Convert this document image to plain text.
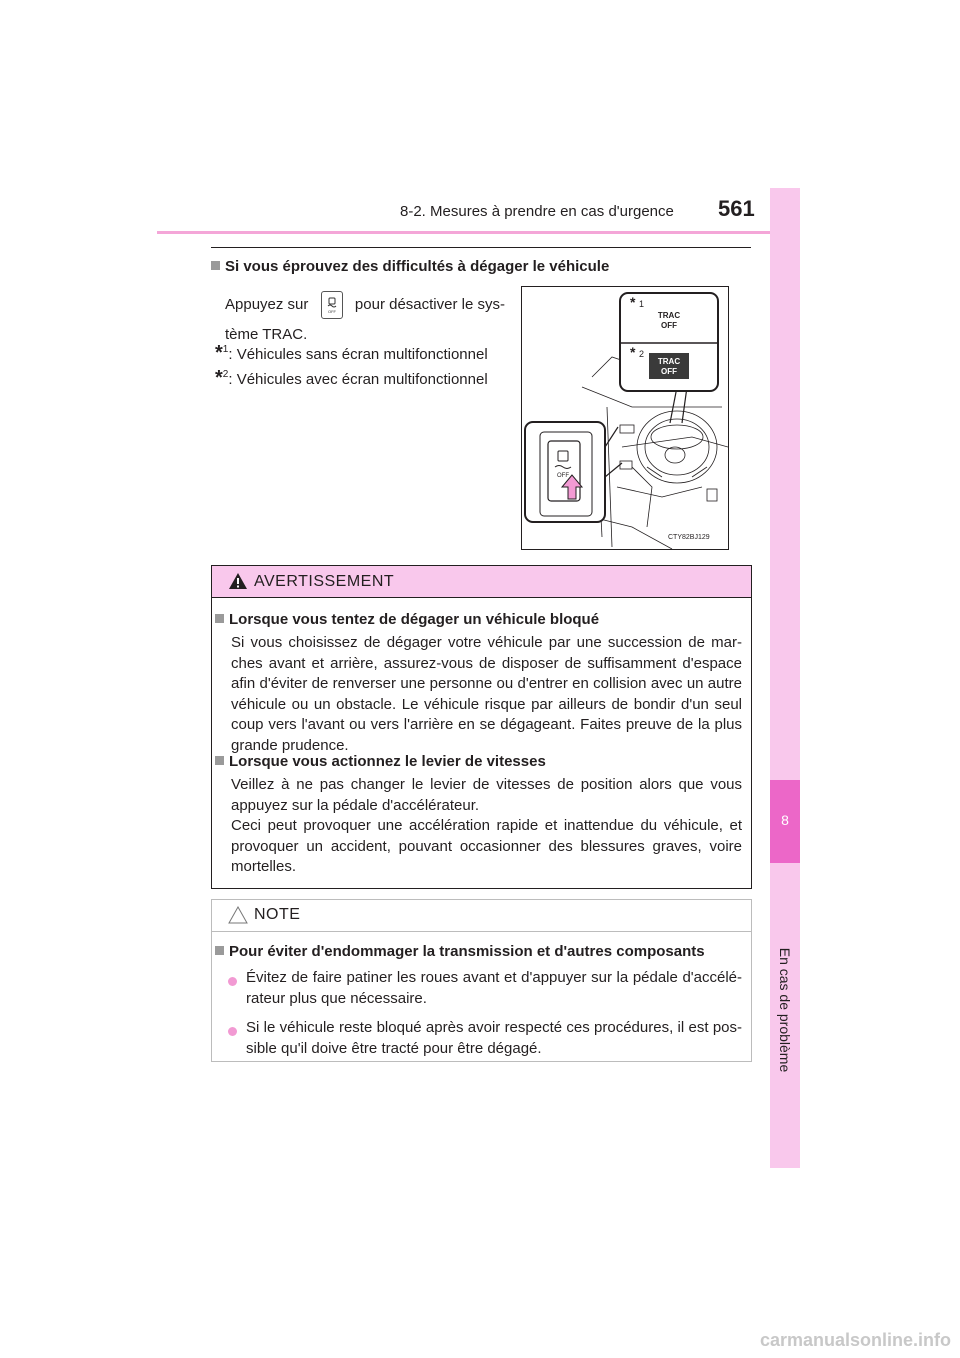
8-2. Mesures à prendre en cas d'urgence 561
8
En cas de problème
Si vous éprouvez des difficultés à dégager le véhicule
Appuyez sur	OFF pour désactiver le sys-
tème TRAC.
*$^1$: Véhicules sans écran multifonctionnel
*$^2$: Véhicules avec écran multifonctionnel
* 1
TRAC
OFF
* 2
TRAC
OFF
OFF
CTY82BJ129
AVERTISSEMENT
Lorsque vous tentez de dégager un véhicule bloqué
Si vous choisissez de dégager votre véhicule par une succession de mar-ches avant et arrière, assurez-vous de disposer de suffisamment d'espace afin d'éviter de renverser une personne ou d'entrer en collision avec un autre véhicule ou un obstacle. Le véhicule risque par ailleurs de bondir d'un seul coup vers l'avant ou vers l'arrière en se dégageant. Faites preuve de la plus grande prudence.
Lorsque vous actionnez le levier de vitesses
Veillez à ne pas changer le levier de vitesses de position alors que vous appuyez sur la pédale d'accélérateur.
Ceci peut provoquer une accélération rapide et inattendue du véhicule, et provoquer un accident, pouvant occasionner des blessures graves, voire mortelles.
NOTE
Pour éviter d'endommager la transmission et d'autres composants
Évitez de faire patiner les roues avant et d'appuyer sur la pédale d'accélé-rateur plus que nécessaire.
Si le véhicule reste bloqué après avoir respecté ces procédures, il est pos-sible qu'il doive être tracté pour être dégagé.
carmanualsonline.info
